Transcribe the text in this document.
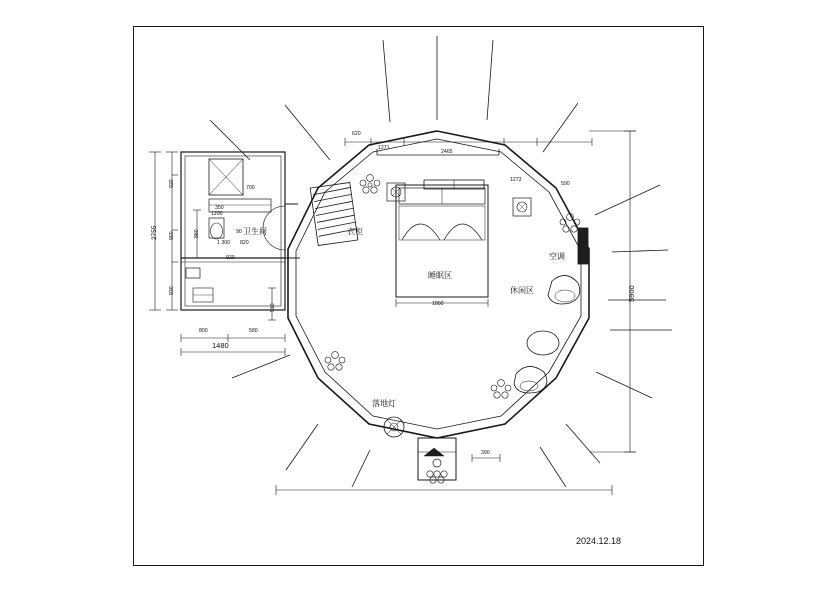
卫生间	衣柜
睡眠区
空调
休闲区
落地灯
2755
920
900
930
880
920
1 300 820
90
700
1200
350
800	580
1480
910
620
1271
2465
1273
590
1800
390
5900
2024.12.18
